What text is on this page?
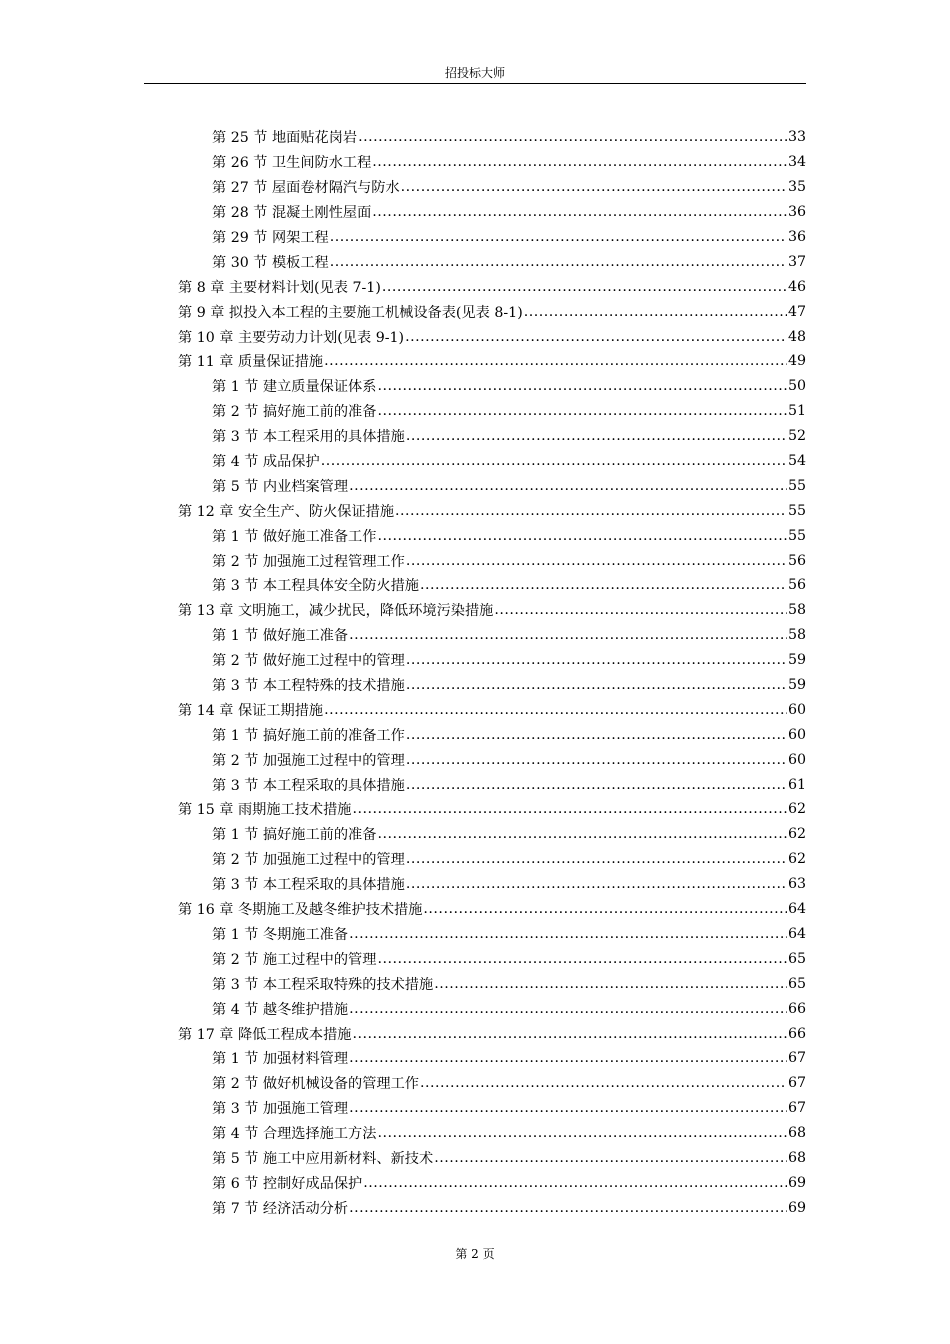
招投标大师
第 25 节 地面贴花岗岩 .....	33
第 26 节 卫生间防水工程 .....	34
第 27 节 屋面卷材隔汽与防水 .....	35
第 28 节 混凝土刚性屋面 .....	36
第 29 节 网架工程 .....	36
第 30 节 模板工程 .....	37
第 8 章 主要材料计划(见表 7-1) .....	46
第 9 章 拟投入本工程的主要施工机械设备表(见表 8-1) .....	47
第 10 章 主要劳动力计划(见表 9-1) .....	48
第 11 章 质量保证措施 .....	49
第 1 节 建立质量保证体系 .....	50
第 2 节 搞好施工前的准备 .....	51
第 3 节 本工程采用的具体措施 .....	52
第 4 节 成品保护 .....	54
第 5 节 内业档案管理 .....	55
第 12 章 安全生产、防火保证措施 .....	55
第 1 节 做好施工准备工作 .....	55
第 2 节 加强施工过程管理工作 .....	56
第 3 节 本工程具体安全防火措施 .....	56
第 13 章 文明施工，减少扰民，降低环境污染措施 .....	58
第 1 节 做好施工准备 .....	58
第 2 节 做好施工过程中的管理 .....	59
第 3 节 本工程特殊的技术措施 .....	59
第 14 章 保证工期措施 .....	60
第 1 节 搞好施工前的准备工作 .....	60
第 2 节 加强施工过程中的管理 .....	60
第 3 节 本工程采取的具体措施 .....	61
第 15 章 雨期施工技术措施 .....	62
第 1 节 搞好施工前的准备 .....	62
第 2 节 加强施工过程中的管理 .....	62
第 3 节 本工程采取的具体措施 .....	63
第 16 章 冬期施工及越冬维护技术措施 .....	64
第 1 节 冬期施工准备 .....	64
第 2 节 施工过程中的管理 .....	65
第 3 节 本工程采取特殊的技术措施 .....	65
第 4 节 越冬维护措施 .....	66
第 17 章 降低工程成本措施 .....	66
第 1 节 加强材料管理 .....	67
第 2 节 做好机械设备的管理工作 .....	67
第 3 节 加强施工管理 .....	67
第 4 节 合理选择施工方法 .....	68
第 5 节 施工中应用新材料、新技术 .....	68
第 6 节 控制好成品保护 .....	69
第 7 节 经济活动分析 .....	69
第 2 页
